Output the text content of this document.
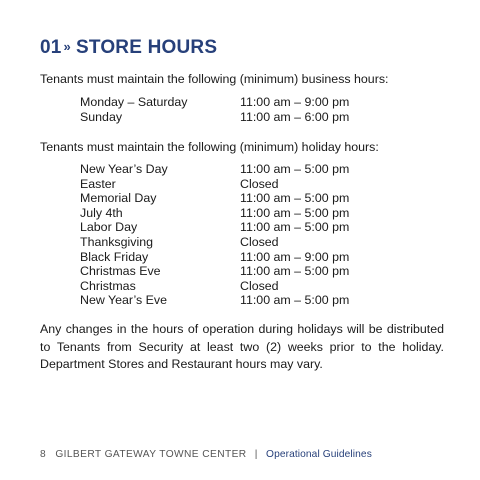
01 » STORE HOURS

Tenants must maintain the following (minimum) business hours:

Monday – Saturday	11:00 am – 9:00 pm
Sunday	11:00 am – 6:00 pm

Tenants must maintain the following (minimum) holiday hours:

New Year’s Day	11:00 am – 5:00 pm
Easter	Closed
Memorial Day	11:00 am – 5:00 pm
July 4th	11:00 am – 5:00 pm
Labor Day	11:00 am – 5:00 pm
Thanksgiving	Closed
Black Friday	11:00 am – 9:00 pm
Christmas Eve	11:00 am – 5:00 pm
Christmas	Closed
New Year’s Eve	11:00 am – 5:00 pm

Any changes in the hours of operation during holidays will be distributed to Tenants from Security at least two (2) weeks prior to the holiday. Department Stores and Restaurant hours may vary.

8 GILBERT GATEWAY TOWNE CENTER | Operational Guidelines
